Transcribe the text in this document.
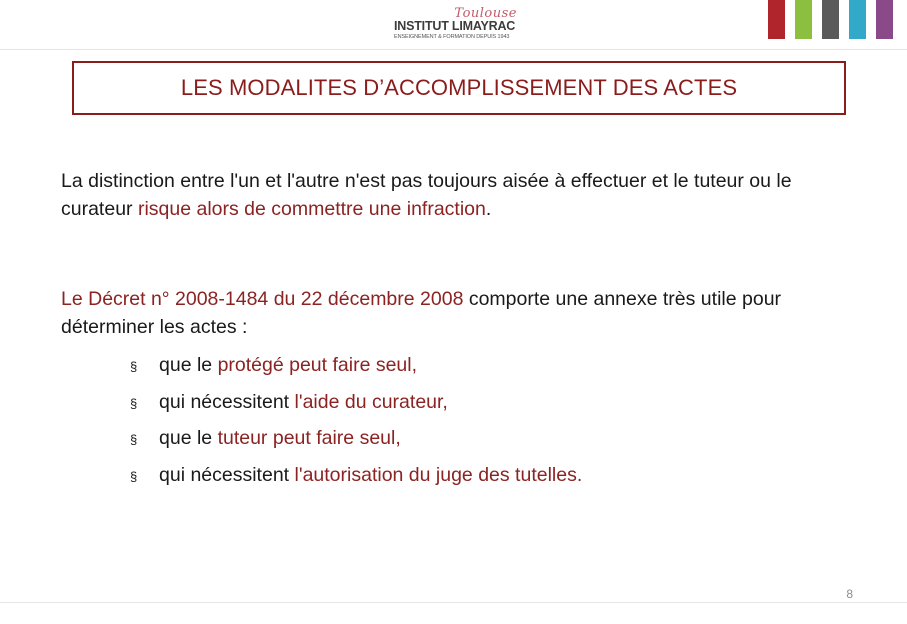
Toulouse
INSTITUT LIMAYRAC
ENSEIGNEMENT & FORMATION DEPUIS 1943
LES MODALITES D’ACCOMPLISSEMENT DES ACTES
La distinction entre l'un et l'autre n'est pas toujours aisée à effectuer et le tuteur ou le curateur risque alors de commettre une infraction.
Le Décret n° 2008-1484 du 22 décembre 2008 comporte une annexe très utile pour déterminer les actes :
§	que le
protégé peut faire seul,
§	qui nécessitent
l'aide du curateur,
§	que le
tuteur peut faire seul,
§	qui nécessitent
l'autorisation du juge des tutelles.
8
